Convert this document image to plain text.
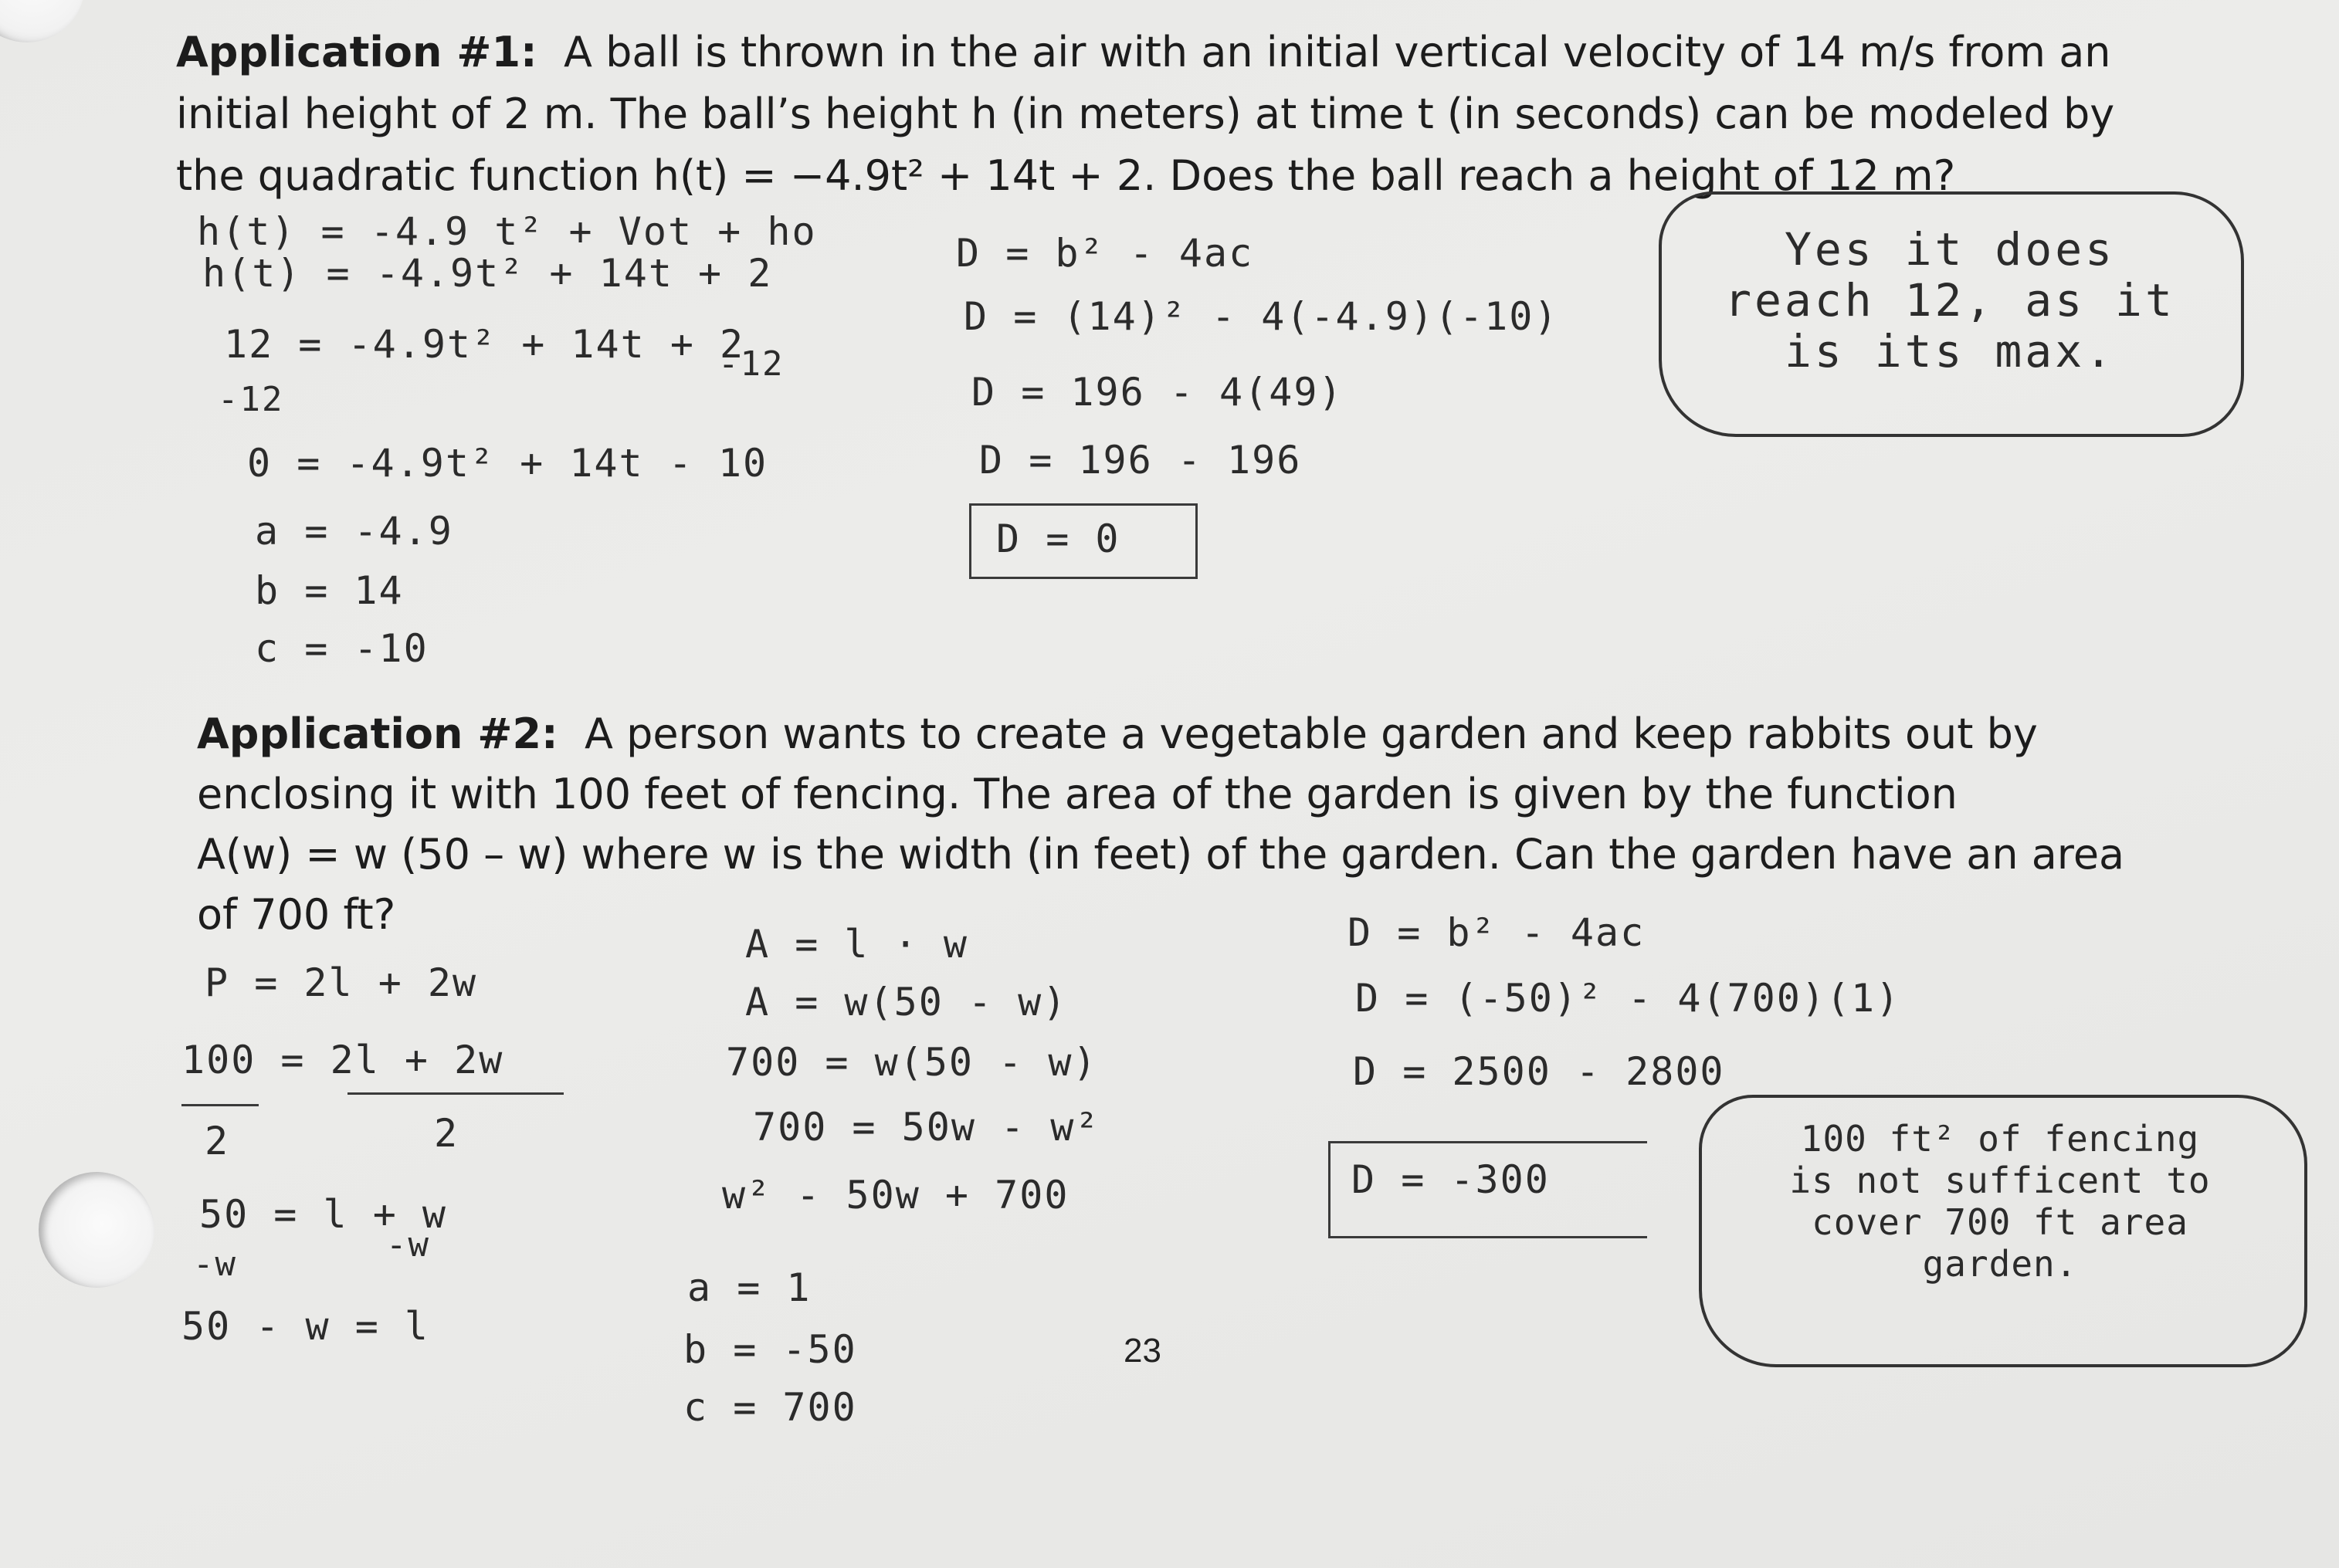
Application #1: A ball is thrown in the air with an initial vertical velocity of 14 m/s from an
initial height of 2 m. The ball’s height h (in meters) at time t (in seconds) can be modeled by
the quadratic function h(t) = −4.9t² + 14t + 2. Does the ball reach a height of 12 m?
h(t) = -4.9 t² + Vot + ho
h(t) = -4.9t² + 14t + 2
12 = -4.9t² + 14t + 2
-12
-12
0 = -4.9t² + 14t - 10
a = -4.9
b = 14
c = -10
D = b² - 4ac
D = (14)² - 4(-4.9)(-10)
D = 196 - 4(49)
D = 196 - 196
D = 0
Yes it does
reach 12, as it
is its max.
Application #2: A person wants to create a vegetable garden and keep rabbits out by
enclosing it with 100 feet of fencing. The area of the garden is given by the function
A(w) = w (50 – w) where w is the width (in feet) of the garden. Can the garden have an area
of 700 ft?
P = 2l + 2w
100 = 2l + 2w
2	2
50 = l + w
-w	-w
50 - w = l
A = l · w
A = w(50 - w)
700 = w(50 - w)
700 = 50w - w²
w² - 50w + 700
a = 1
b = -50
c = 700
D = b² - 4ac
D = (-50)² - 4(700)(1)
D = 2500 - 2800
D = -300
100 ft² of fencing
is not sufficent to
cover 700 ft area
garden.
23
